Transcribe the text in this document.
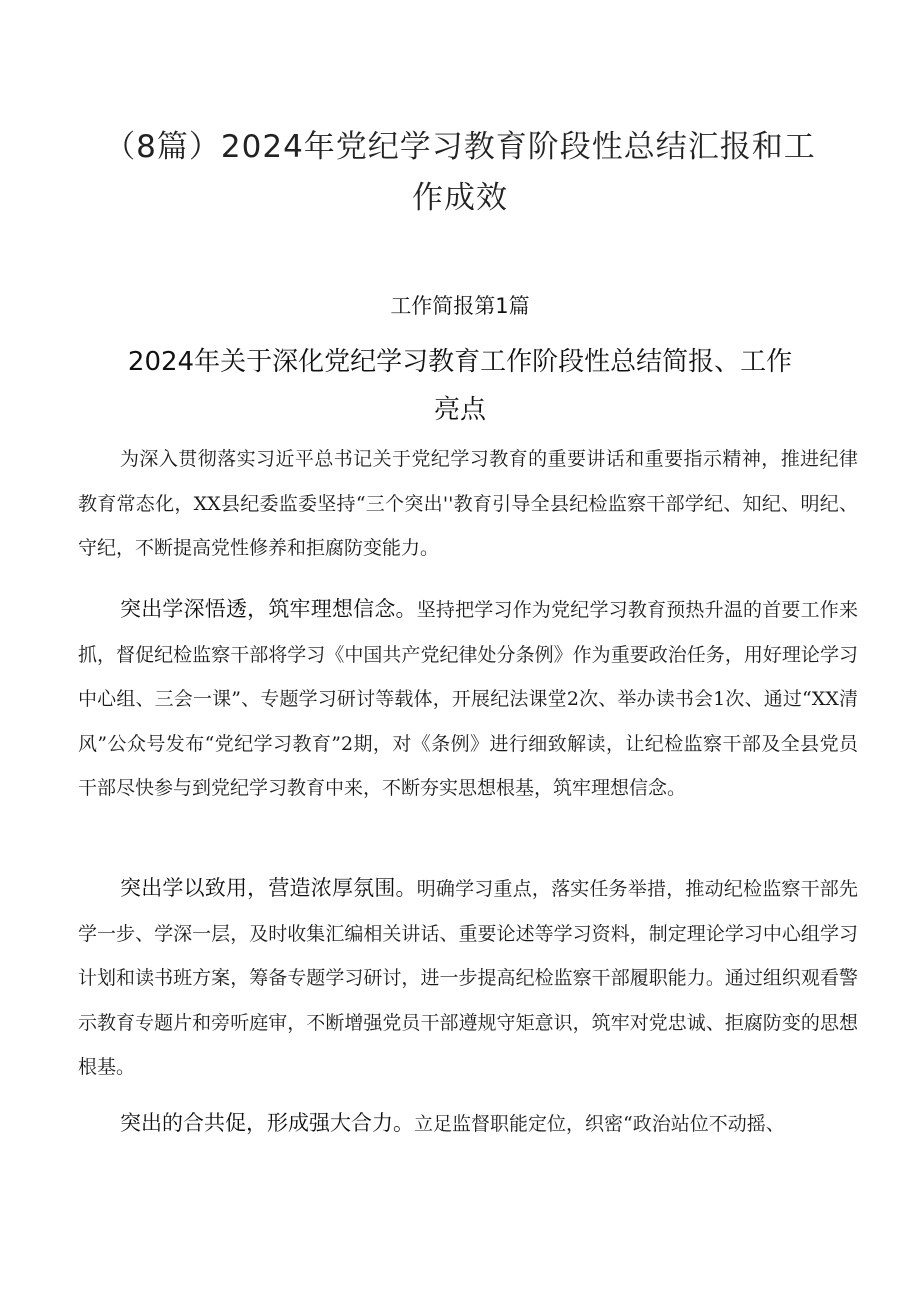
（8篇）2024年党纪学习教育阶段性总结汇报和工作成效
工作简报第1篇
2024年关于深化党纪学习教育工作阶段性总结简报、工作亮点

为深入贯彻落实习近平总书记关于党纪学习教育的重要讲话和重要指示精神，推进纪律教育常态化，XX县纪委监委坚持“三个突出''教育引导全县纪检监察干部学纪、知纪、明纪、守纪，不断提高党性修养和拒腐防变能力。

突出学深悟透，筑牢理想信念。坚持把学习作为党纪学习教育预热升温的首要工作来抓，督促纪检监察干部将学习《中国共产党纪律处分条例》作为重要政治任务，用好理论学习中心组、三会一课”、专题学习研讨等载体，开展纪法课堂2次、举办读书会1次、通过“XX清风”公众号发布“党纪学习教育”2期，对《条例》进行细致解读，让纪检监察干部及全县党员干部尽快参与到党纪学习教育中来，不断夯实思想根基，筑牢理想信念。

突出学以致用，营造浓厚氛围。明确学习重点，落实任务举措，推动纪检监察干部先学一步、学深一层，及时收集汇编相关讲话、重要论述等学习资料，制定理论学习中心组学习计划和读书班方案，筹备专题学习研讨，进一步提高纪检监察干部履职能力。通过组织观看警示教育专题片和旁听庭审，不断增强党员干部遵规守矩意识，筑牢对党忠诚、拒腐防变的思想根基。

突出的合共促，形成强大合力。立足监督职能定位，织密“政治站位不动摇、
